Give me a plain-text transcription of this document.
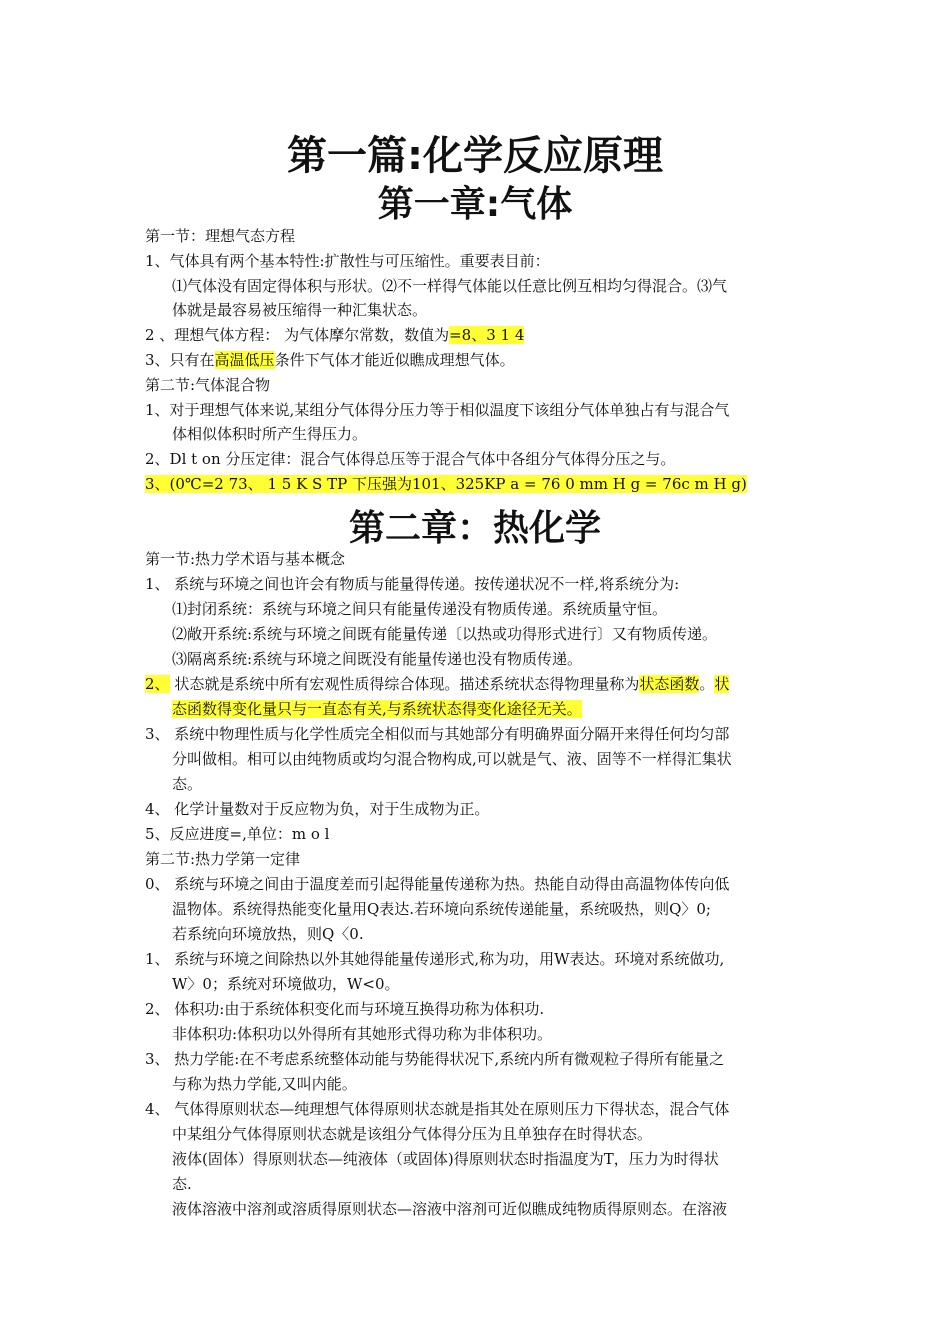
第一篇:化学反应原理
第一章:气体
第一节：理想气态方程
1、气体具有两个基本特性:扩散性与可压缩性。重要表目前：
⑴气体没有固定得体积与形状。⑵不一样得气体能以任意比例互相均匀得混合。⑶气
体就是最容易被压缩得一种汇集状态。
2 、理想气体方程： 为气体摩尔常数，数值为=8、3 1 4
3、只有在高温低压条件下气体才能近似瞧成理想气体。
第二节:气体混合物
1、对于理想气体来说,某组分气体得分压力等于相似温度下该组分气体单独占有与混合气
体相似体积时所产生得压力。
2、Dl t on 分压定律：混合气体得总压等于混合气体中各组分气体得分压之与。
3、(0℃=2 73、 1 5 K S TP 下压强为101、325KP a = 76 0 mm H g = 76c m H g)
第二章：热化学
第一节:热力学术语与基本概念
1、 系统与环境之间也许会有物质与能量得传递。按传递状况不一样,将系统分为:
⑴封闭系统：系统与环境之间只有能量传递没有物质传递。系统质量守恒。
⑵敞开系统:系统与环境之间既有能量传递〔以热或功得形式进行〕又有物质传递。
⑶隔离系统:系统与环境之间既没有能量传递也没有物质传递。
2、 状态就是系统中所有宏观性质得综合体现。描述系统状态得物理量称为状态函数。状
态函数得变化量只与一直态有关,与系统状态得变化途径无关。
3、 系统中物理性质与化学性质完全相似而与其她部分有明确界面分隔开来得任何均匀部
分叫做相。相可以由纯物质或均匀混合物构成,可以就是气、液、固等不一样得汇集状
态。
4、 化学计量数对于反应物为负，对于生成物为正。
5、反应进度=,单位：m o l
第二节:热力学第一定律
0、 系统与环境之间由于温度差而引起得能量传递称为热。热能自动得由高温物体传向低
温物体。系统得热能变化量用Q表达.若环境向系统传递能量，系统吸热，则Q〉0;
若系统向环境放热，则Q〈0.
1、 系统与环境之间除热以外其她得能量传递形式,称为功，用W表达。环境对系统做功,
W〉0；系统对环境做功，W<0。
2、 体积功:由于系统体积变化而与环境互换得功称为体积功.
非体积功:体积功以外得所有其她形式得功称为非体积功。
3、 热力学能:在不考虑系统整体动能与势能得状况下,系统内所有微观粒子得所有能量之
与称为热力学能,又叫内能。
4、 气体得原则状态—纯理想气体得原则状态就是指其处在原则压力下得状态，混合气体
中某组分气体得原则状态就是该组分气体得分压为且单独存在时得状态。
液体(固体）得原则状态—纯液体（或固体)得原则状态时指温度为T，压力为时得状
态.
液体溶液中溶剂或溶质得原则状态—溶液中溶剂可近似瞧成纯物质得原则态。在溶液
